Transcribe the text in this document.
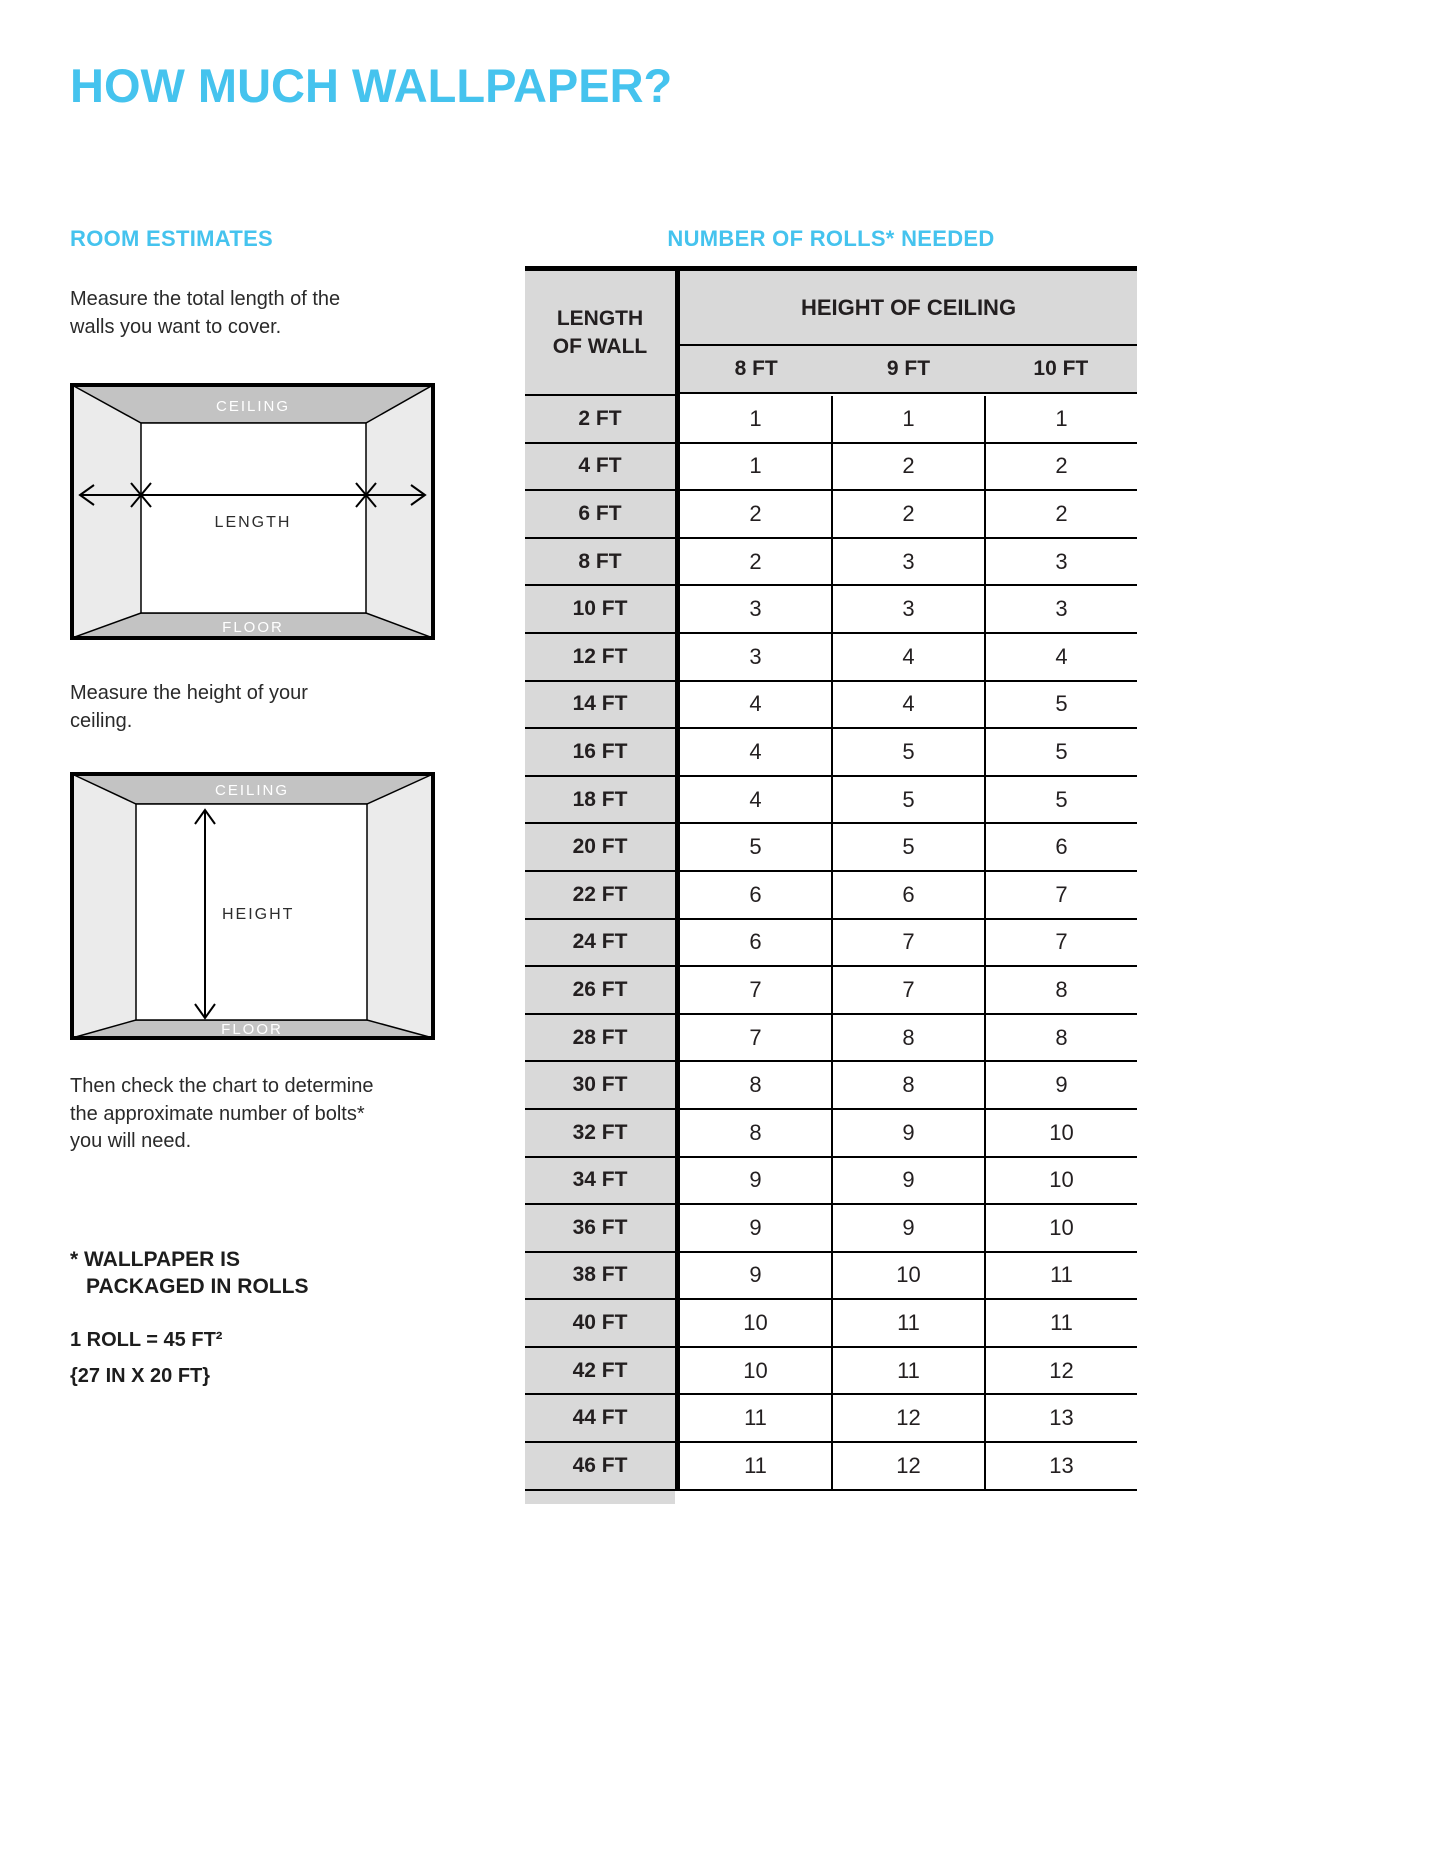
HOW MUCH WALLPAPER?
ROOM ESTIMATES

Measure the total length of the walls you want to cover.

CEILING
FLOOR
LENGTH

Measure the height of your ceiling.

CEILING
FLOOR
HEIGHT

Then check the chart to determine the approximate number of bolts* you will need.

* WALLPAPER IS
PACKAGED IN ROLLS
1 ROLL = 45 FT²
{27 IN X 20 FT}
NUMBER OF ROLLS* NEEDED
LENGTH OF WALL
HEIGHT OF CEILING
8 FT	9 FT	10 FT
2 FT	1	1	1
4 FT	1	2	2
6 FT	2	2	2
8 FT	2	3	3
10 FT	3	3	3
12 FT	3	4	4
14 FT	4	4	5
16 FT	4	5	5
18 FT	4	5	5
20 FT	5	5	6
22 FT	6	6	7
24 FT	6	7	7
26 FT	7	7	8
28 FT	7	8	8
30 FT	8	8	9
32 FT	8	9	10
34 FT	9	9	10
36 FT	9	9	10
38 FT	9	10	11
40 FT	10	11	11
42 FT	10	11	12
44 FT	11	12	13
46 FT	11	12	13
